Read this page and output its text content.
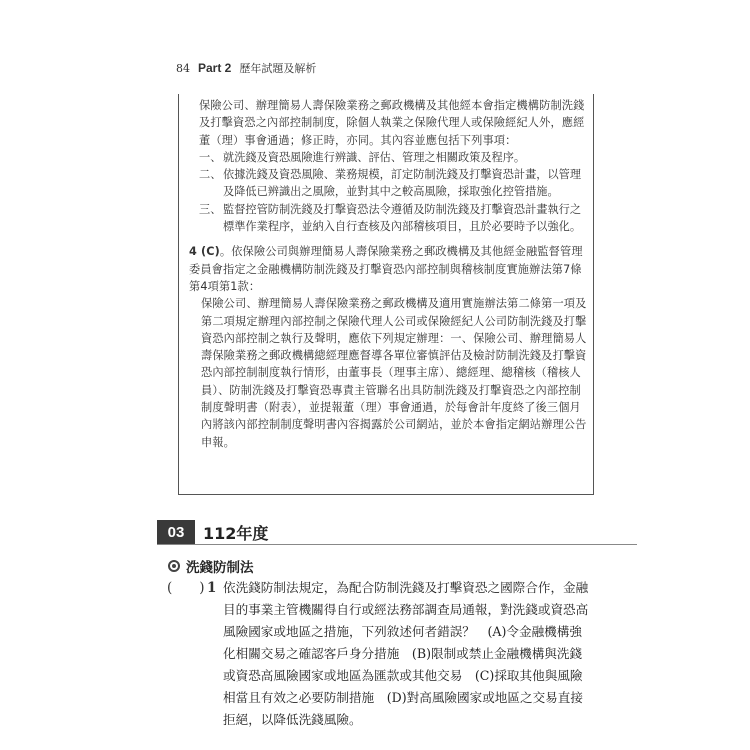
84 Part 2 歷年試題及解析

保險公司、辦理簡易人壽保險業務之郵政機構及其他經本會指定機構防制洗錢及打擊資恐之內部控制制度，除個人執業之保險代理人或保險經紀人外，應經董（理）事會通過；修正時，亦同。其內容並應包括下列事項：

一、 就洗錢及資恐風險進行辨識、評估、管理之相關政策及程序。
二、 依據洗錢及資恐風險、業務規模，訂定防制洗錢及打擊資恐計畫，以管理及降低已辨識出之風險，並對其中之較高風險，採取強化控管措施。
三、 監督控管防制洗錢及打擊資恐法令遵循及防制洗錢及打擊資恐計畫執行之標準作業程序，並納入自行查核及內部稽核項目，且於必要時予以強化。

4 (C)。依保險公司與辦理簡易人壽保險業務之郵政機構及其他經金融監督管理委員會指定之金融機構防制洗錢及打擊資恐內部控制與稽核制度實施辦法第7條第4項第1款：

保險公司、辦理簡易人壽保險業務之郵政機構及適用實施辦法第二條第一項及第二項規定辦理內部控制之保險代理人公司或保險經紀人公司防制洗錢及打擊資恐內部控制之執行及聲明，應依下列規定辦理：一、保險公司、辦理簡易人壽保險業務之郵政機構總經理應督導各單位審慎評估及檢討防制洗錢及打擊資恐內部控制制度執行情形，由董事長（理事主席）、總經理、總稽核（稽核人員）、防制洗錢及打擊資恐專責主管聯名出具防制洗錢及打擊資恐之內部控制制度聲明書（附表），並提報董（理）事會通過，於每會計年度終了後三個月內將該內部控制制度聲明書內容揭露於公司網站，並於本會指定網站辦理公告申報。

03	112年度
洗錢防制法
(　　) 1 依洗錢防制法規定，為配合防制洗錢及打擊資恐之國際合作，金融目的事業主管機關得自行或經法務部調查局通報，對洗錢或資恐高風險國家或地區之措施，下列敘述何者錯誤？　(A)令金融機構強化相關交易之確認客戶身分措施　(B)限制或禁止金融機構與洗錢或資恐高風險國家或地區為匯款或其他交易　(C)採取其他與風險相當且有效之必要防制措施　(D)對高風險國家或地區之交易直接拒絕，以降低洗錢風險。
